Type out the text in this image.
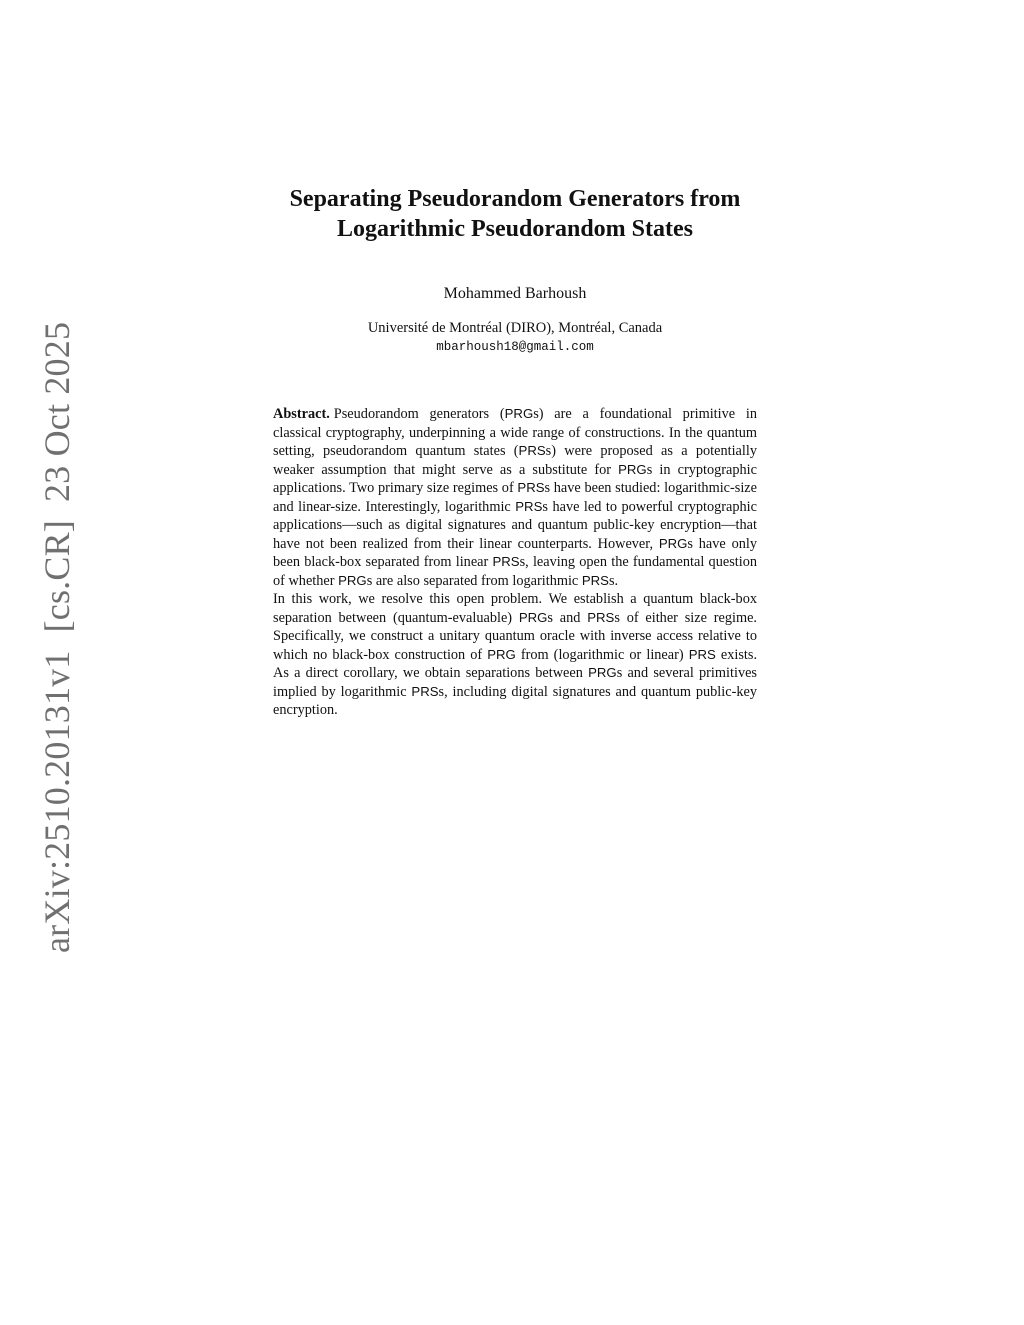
arXiv:2510.20131v1[cs.CR]23 Oct 2025
Separating Pseudorandom Generators from
Logarithmic Pseudorandom States
Mohammed Barhoush
Université de Montréal (DIRO), Montréal, Canada
mbarhoush18@gmail.com

Abstract. Pseudorandom generators (PRGs) are a foundational primitive in classical cryptography, underpinning a wide range of constructions. In the quantum setting, pseudorandom quantum states (PRSs) were proposed as a potentially weaker assumption that might serve as a substitute for PRGs in cryptographic applications. Two primary size regimes of PRSs have been studied: logarithmic-size and linear-size. Interestingly, logarithmic PRSs have led to powerful cryptographic applications—such as digital signatures and quantum public-key encryption—that have not been realized from their linear counterparts. However, PRGs have only been black-box separated from linear PRSs, leaving open the fundamental question of whether PRGs are also separated from logarithmic PRSs.

In this work, we resolve this open problem. We establish a quantum black-box separation between (quantum-evaluable) PRGs and PRSs of either size regime. Specifically, we construct a unitary quantum oracle with inverse access relative to which no black-box construction of PRG from (logarithmic or linear) PRS exists. As a direct corollary, we obtain separations between PRGs and several primitives implied by logarithmic PRSs, including digital signatures and quantum public-key encryption.
